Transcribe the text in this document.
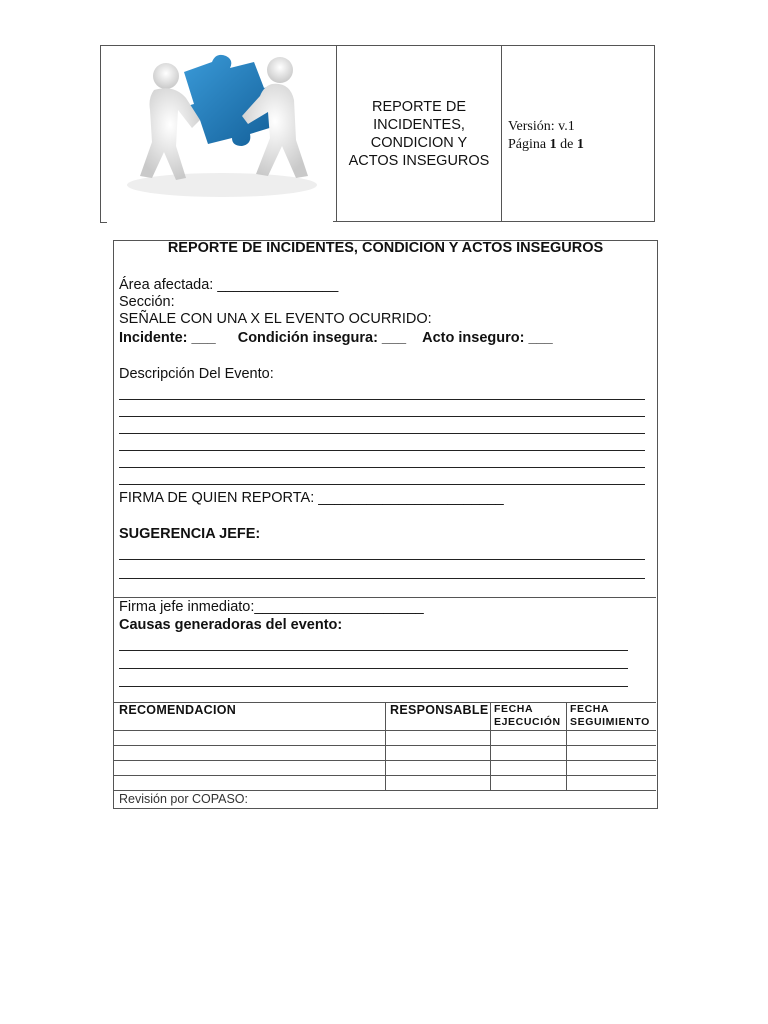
REPORTE DE
INCIDENTES,
CONDICION Y
ACTOS INSEGUROS
Versión: v.1
Página 1 de 1
REPORTE DE INCIDENTES, CONDICION Y ACTOS INSEGUROS
Área afectada: _______________
Sección:
SEÑALE CON UNA X EL EVENTO OCURRIDO:
Incidente: ___ Condición insegura: ___ Acto inseguro: ___
Descripción Del Evento:
FIRMA DE QUIEN REPORTA: _______________________
SUGERENCIA JEFE:
Firma jefe inmediato:_____________________
Causas generadoras del evento:
RECOMENDACION	RESPONSABLE FECHA
EJECUCIÓN
FECHA
SEGUIMIENTO
Revisión por COPASO:
